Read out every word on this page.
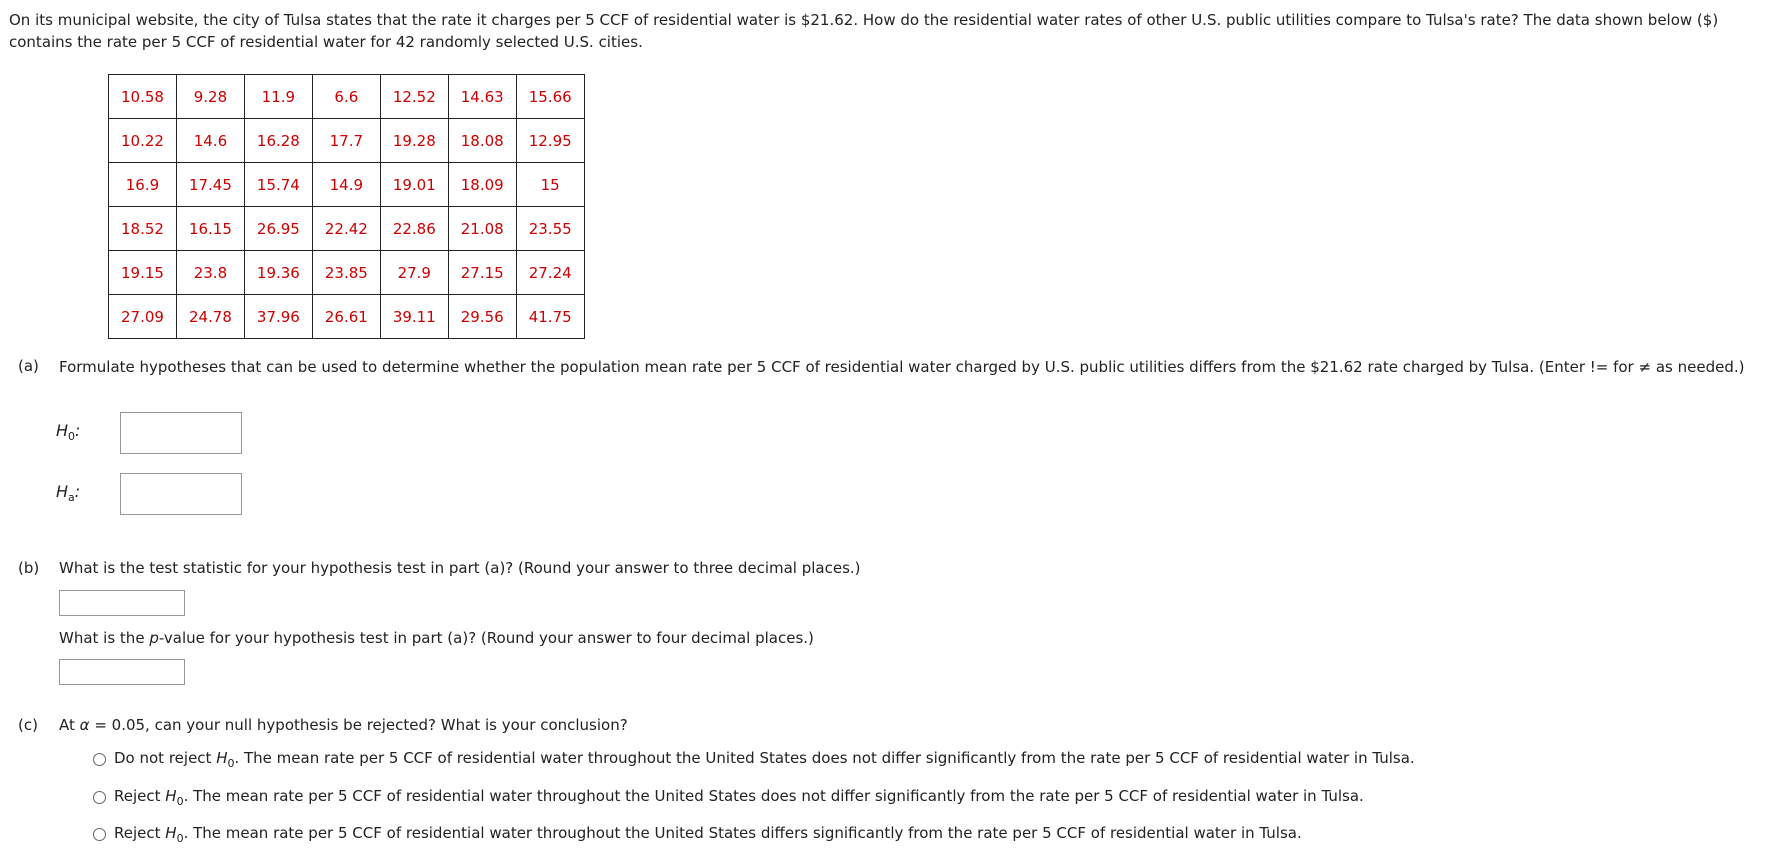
On its municipal website, the city of Tulsa states that the rate it charges per 5 CCF of residential water is $21.62. How do the residential water rates of other U.S. public utilities compare to Tulsa's rate? The data shown below ($) contains the rate per 5 CCF of residential water for 42 randomly selected U.S. cities.

10.58	9.28	11.9	6.6	12.52	14.63	15.66
10.22	14.6	16.28	17.7	19.28	18.08	12.95
16.9	17.45	15.74	14.9	19.01	18.09	15
18.52	16.15	26.95	22.42	22.86	21.08	23.55
19.15	23.8	19.36	23.85	27.9	27.15	27.24
27.09	24.78	37.96	26.61	39.11	29.56	41.75
(a) Formulate hypotheses that can be used to determine whether the population mean rate per 5 CCF of residential water charged by U.S. public utilities differs from the $21.62 rate charged by Tulsa. (Enter != for ≠ as needed.)

$H_0$:
$H_a$:
(b) What is the test statistic for your hypothesis test in part (a)? (Round your answer to three decimal places.)

What is the p-value for your hypothesis test in part (a)? (Round your answer to four decimal places.)

(c) At α = 0.05, can your null hypothesis be rejected? What is your conclusion?

Do not reject $H_0$. The mean rate per 5 CCF of residential water throughout the United States does not differ significantly from the rate per 5 CCF of residential water in Tulsa.
Reject $H_0$. The mean rate per 5 CCF of residential water throughout the United States does not differ significantly from the rate per 5 CCF of residential water in Tulsa.
Reject $H_0$. The mean rate per 5 CCF of residential water throughout the United States differs significantly from the rate per 5 CCF of residential water in Tulsa.
